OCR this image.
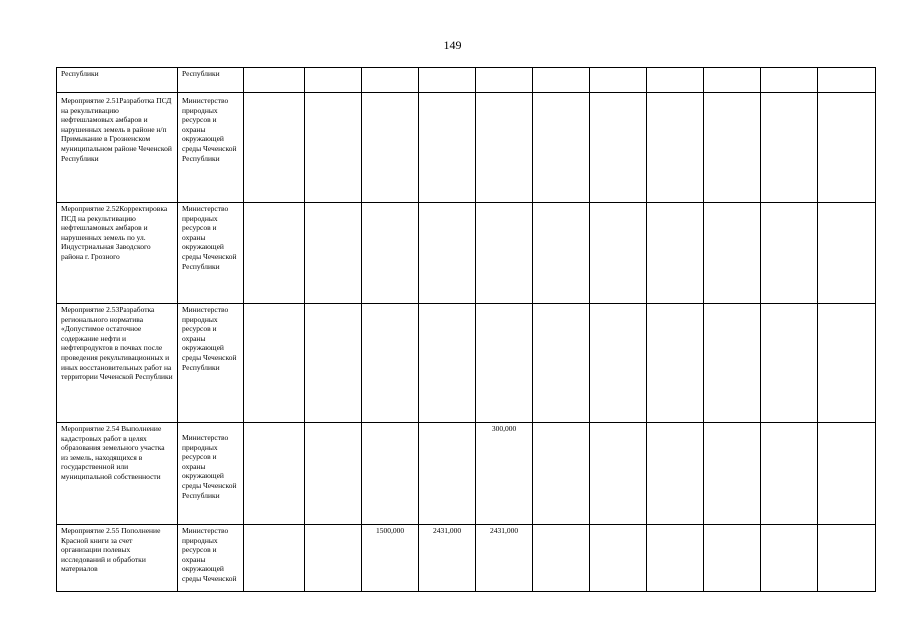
149
Республики	Республики											

Мероприятие 2.51Разработка ПСД на рекультивацию нефтешламовых амбаров и нарушенных земель в районе н/п Примыкание в Грозненском муниципальном районе Чеченской Республики	Министерство природных ресурсов и охраны окружающей среды Чеченской Республики											

Мероприятие 2.52Корректировка ПСД на рекультивацию нефтешламовых амбаров и нарушенных земель по ул. Индустриальная Заводского района г. Грозного	Министерство природных ресурсов и охраны окружающей среды Чеченской Республики											

Мероприятие 2.53Разработка регионального норматива «Допустимое остаточное содержание нефти и нефтепродуктов в почвах после проведения рекультивационных и иных восстановительных работ на территории Чеченской Республики	Министерство природных ресурсов и охраны окружающей среды Чеченской Республики											

Мероприятие 2.54 Выполнение кадастровых работ в целях образования земельного участка из земель, находящихся в государственной или муниципальной собственности	Министерство природных ресурсов и охраны окружающей среды Чеченской Республики					300,000						

Мероприятие 2.55 Пополнение Красной книги за счет организации полевых исследований и обработки материалов	Министерство природных ресурсов и охраны окружающей среды Чеченской			1500,000	2431,000	2431,000						
